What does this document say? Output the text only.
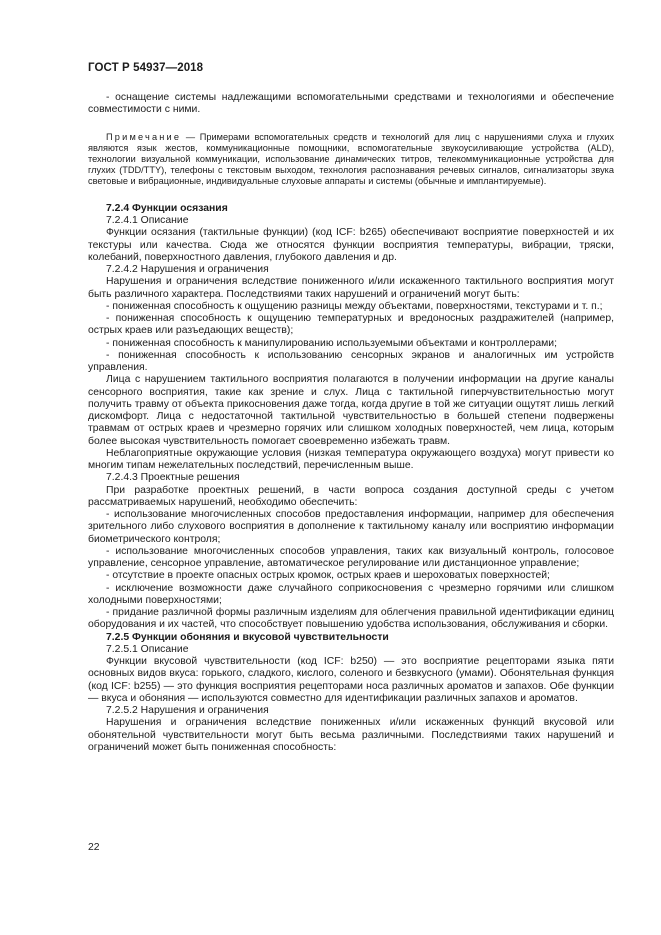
ГОСТ Р 54937—2018

- оснащение системы надлежащими вспомогательными средствами и технологиями и обеспечение совместимости с ними.

Примечание — Примерами вспомогательных средств и технологий для лиц с нарушениями слуха и глухих являются язык жестов, коммуникационные помощники, вспомогательные звукоусиливающие устройства (ALD), технологии визуальной коммуникации, использование динамических титров, телекоммуникационные устройства для глухих (TDD/TTY), телефоны с текстовым выходом, технология распознавания речевых сигналов, сигнализаторы звука световые и вибрационные, индивидуальные слуховые аппараты и системы (обычные и имплантируемые).

7.2.4 Функции осязания

7.2.4.1 Описание

Функции осязания (тактильные функции) (код ICF: b265) обеспечивают восприятие поверхностей и их текстуры или качества. Сюда же относятся функции восприятия температуры, вибрации, тряски, колебаний, поверхностного давления, глубокого давления и др.

7.2.4.2 Нарушения и ограничения

Нарушения и ограничения вследствие пониженного и/или искаженного тактильного восприятия могут быть различного характера. Последствиями таких нарушений и ограничений могут быть:

- пониженная способность к ощущению разницы между объектами, поверхностями, текстурами и т. п.;

- пониженная способность к ощущению температурных и вредоносных раздражителей (например, острых краев или разъедающих веществ);

- пониженная способность к манипулированию используемыми объектами и контроллерами;

- пониженная способность к использованию сенсорных экранов и аналогичных им устройств управления.

Лица с нарушением тактильного восприятия полагаются в получении информации на другие каналы сенсорного восприятия, такие как зрение и слух. Лица с тактильной гиперчувствительностью могут получить травму от объекта прикосновения даже тогда, когда другие в той же ситуации ощутят лишь легкий дискомфорт. Лица с недостаточной тактильной чувствительностью в большей степени подвержены травмам от острых краев и чрезмерно горячих или слишком холодных поверхностей, чем лица, которым более высокая чувствительность помогает своевременно избежать травм.

Неблагоприятные окружающие условия (низкая температура окружающего воздуха) могут привести ко многим типам нежелательных последствий, перечисленным выше.

7.2.4.3 Проектные решения

При разработке проектных решений, в части вопроса создания доступной среды с учетом рассматриваемых нарушений, необходимо обеспечить:

- использование многочисленных способов предоставления информации, например для обеспечения зрительного либо слухового восприятия в дополнение к тактильному каналу или восприятию информации биометрического контроля;

- использование многочисленных способов управления, таких как визуальный контроль, голосовое управление, сенсорное управление, автоматическое регулирование или дистанционное управление;

- отсутствие в проекте опасных острых кромок, острых краев и шероховатых поверхностей;

- исключение возможности даже случайного соприкосновения с чрезмерно горячими или слишком холодными поверхностями;

- придание различной формы различным изделиям для облегчения правильной идентификации единиц оборудования и их частей, что способствует повышению удобства использования, обслуживания и сборки.

7.2.5 Функции обоняния и вкусовой чувствительности

7.2.5.1 Описание

Функции вкусовой чувствительности (код ICF: b250) — это восприятие рецепторами языка пяти основных видов вкуса: горького, сладкого, кислого, соленого и безвкусного (умами). Обонятельная функция (код ICF: b255) — это функция восприятия рецепторами носа различных ароматов и запахов. Обе функции — вкуса и обоняния — используются совместно для идентификации различных запахов и ароматов.

7.2.5.2 Нарушения и ограничения

Нарушения и ограничения вследствие пониженных и/или искаженных функций вкусовой или обонятельной чувствительности могут быть весьма различными. Последствиями таких нарушений и ограничений может быть пониженная способность:

22
